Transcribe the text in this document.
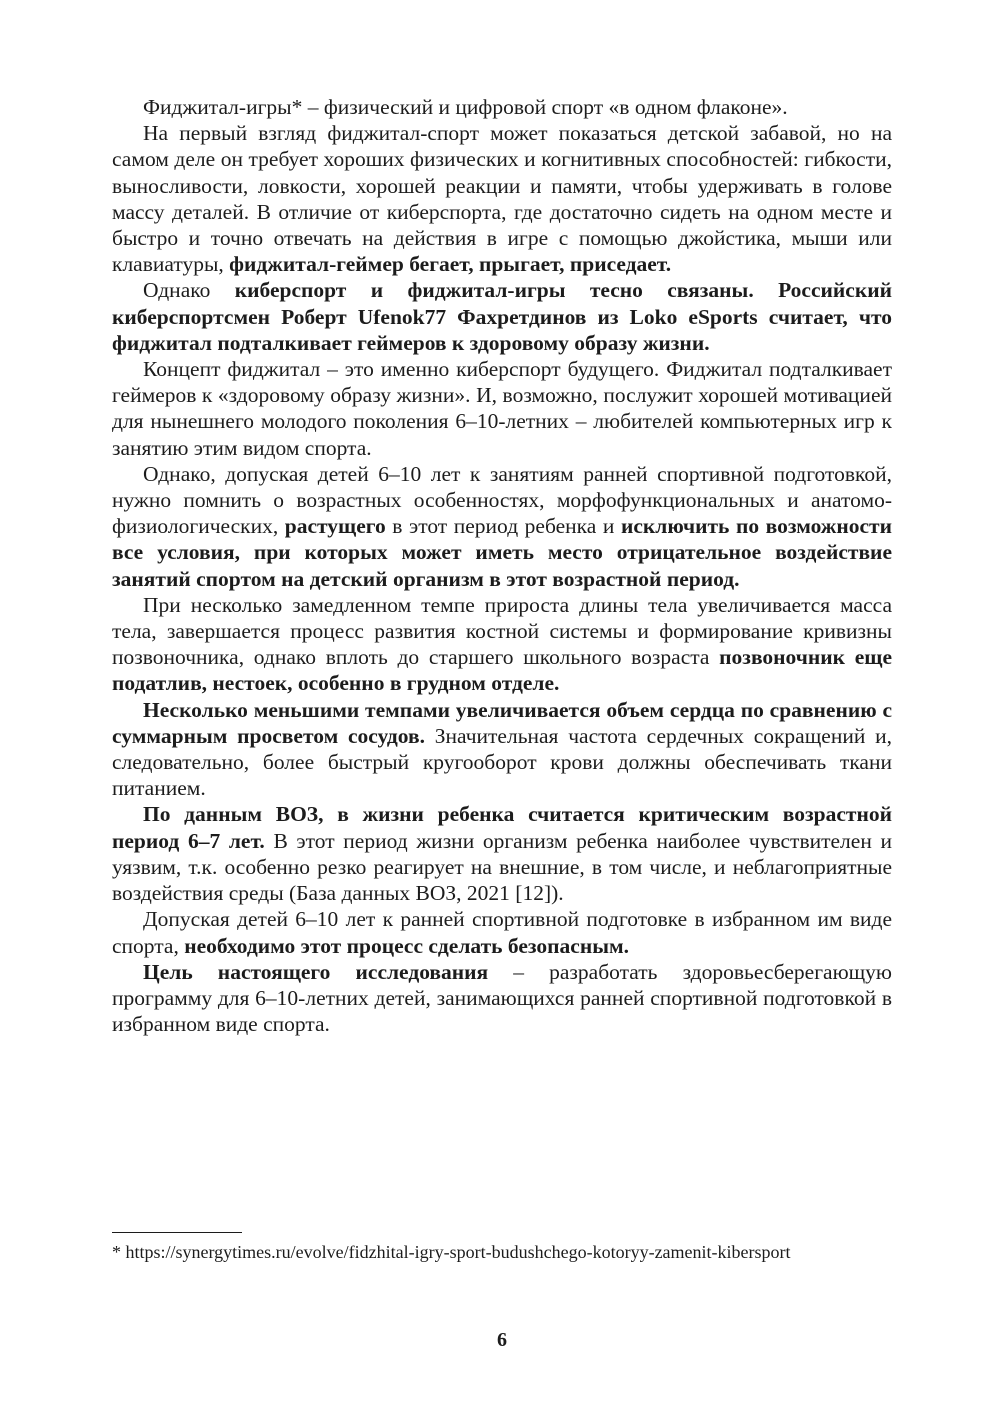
Фиджитал-игры* – физический и цифровой спорт «в одном флаконе».

На первый взгляд фиджитал-спорт может показаться детской забавой, но на самом деле он требует хороших физических и когнитивных способностей: гибкости, выносливости, ловкости, хорошей реакции и памяти, чтобы удерживать в голове массу деталей. В отличие от киберспорта, где достаточно сидеть на одном месте и быстро и точно отвечать на действия в игре с помощью джойстика, мыши или клавиатуры, фиджитал-геймер бегает, прыгает, приседает.

Однако киберспорт и фиджитал-игры тесно связаны. Российский киберспортсмен Роберт Ufenok77 Фахретдинов из Loko eSports считает, что фиджитал подталкивает геймеров к здоровому образу жизни.

Концепт фиджитал – это именно киберспорт будущего. Фиджитал подталкивает геймеров к «здоровому образу жизни». И, возможно, послужит хорошей мотивацией для нынешнего молодого поколения 6–10-летних – любителей компьютерных игр к занятию этим видом спорта.

Однако, допуская детей 6–10 лет к занятиям ранней спортивной подготовкой, нужно помнить о возрастных особенностях, морфофункциональных и анатомо-физиологических, растущего в этот период ребенка и исключить по возможности все условия, при которых может иметь место отрицательное воздействие занятий спортом на детский организм в этот возрастной период.

При несколько замедленном темпе прироста длины тела увеличивается масса тела, завершается процесс развития костной системы и формирование кривизны позвоночника, однако вплоть до старшего школьного возраста позвоночник еще податлив, нестоек, особенно в грудном отделе.

Несколько меньшими темпами увеличивается объем сердца по сравнению с суммарным просветом сосудов. Значительная частота сердечных сокращений и, следовательно, более быстрый кругооборот крови должны обеспечивать ткани питанием.

По данным ВОЗ, в жизни ребенка считается критическим возрастной период 6–7 лет. В этот период жизни организм ребенка наиболее чувствителен и уязвим, т.к. особенно резко реагирует на внешние, в том числе, и неблагоприятные воздействия среды (База данных ВОЗ, 2021 [12]).

Допуская детей 6–10 лет к ранней спортивной подготовке в избранном им виде спорта, необходимо этот процесс сделать безопасным.

Цель настоящего исследования – разработать здоровьесберегающую программу для 6–10-летних детей, занимающихся ранней спортивной подготовкой в избранном виде спорта.

* https://synergytimes.ru/evolve/fidzhital-igry-sport-budushchego-kotoryy-zamenit-kibersport

6
